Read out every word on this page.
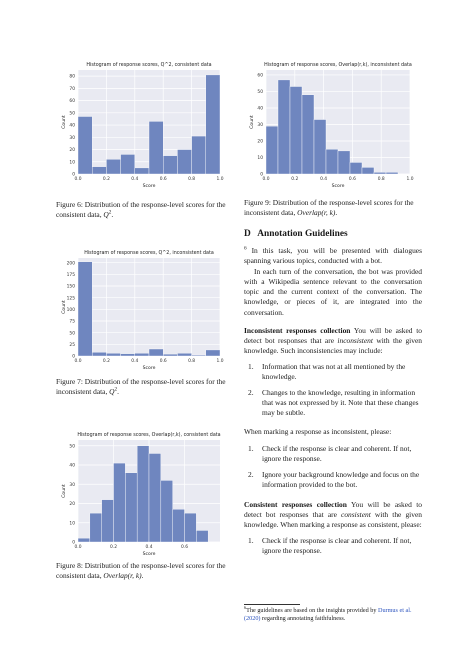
0
10
20
30
40
50
60
70
80
0.0	0.2	0.4	0.6	0.8	1.0
Histogram of response scores, Q^2, consistent data
Score
Count
Figure 6: Distribution of the response-level scores for the consistent data, $Q^2$.
0
10
20
30
40
50
60
0.0	0.2	0.4	0.6	0.8	1.0
Histogram of response scores, Overlap(r,k), inconsistent data
Score
Count
Figure 9: Distribution of the response-level scores for the inconsistent data, Overlap(r, k).
0
25
50
75
100
125
150
175
200
0.0	0.2	0.4	0.6	0.8	1.0
Histogram of response scores, Q^2, inconsistent data
Score
Count
Figure 7: Distribution of the response-level scores for the inconsistent data, $Q^2$.
0
10
20
30
40
50
0.0	0.2	0.4	0.6
Histogram of response scores, Overlap(r,k), consistent data
Score
Count
Figure 8: Distribution of the response-level scores for the consistent data, Overlap(r, k).
D   Annotation Guidelines

$^6$ In this task, you will be presented with dialogues spanning various topics, conducted with a bot.

In each turn of the conversation, the bot was provided with a Wikipedia sentence relevant to the conversation topic and the current context of the conversation. The knowledge, or pieces of it, are integrated into the conversation.

Inconsistent responses collection You will be asked to detect bot responses that are inconsistent with the given knowledge. Such inconsistencies may include:

1.	Information that was not at all mentioned by the knowledge.
2.	Changes to the knowledge, resulting in information that was not expressed by it. Note that these changes may be subtle.

When marking a response as inconsistent, please:

1.	Check if the response is clear and coherent. If not, ignore the response.
2.	Ignore your background knowledge and focus on the information provided to the bot.

Consistent responses collection You will be asked to detect bot responses that are consistent with the given knowledge. When marking a response as consistent, please:

1.	Check if the response is clear and coherent. If not, ignore the response.
$^6$The guidelines are based on the insights provided by Durmus et al. (2020) regarding annotating faithfulness.
